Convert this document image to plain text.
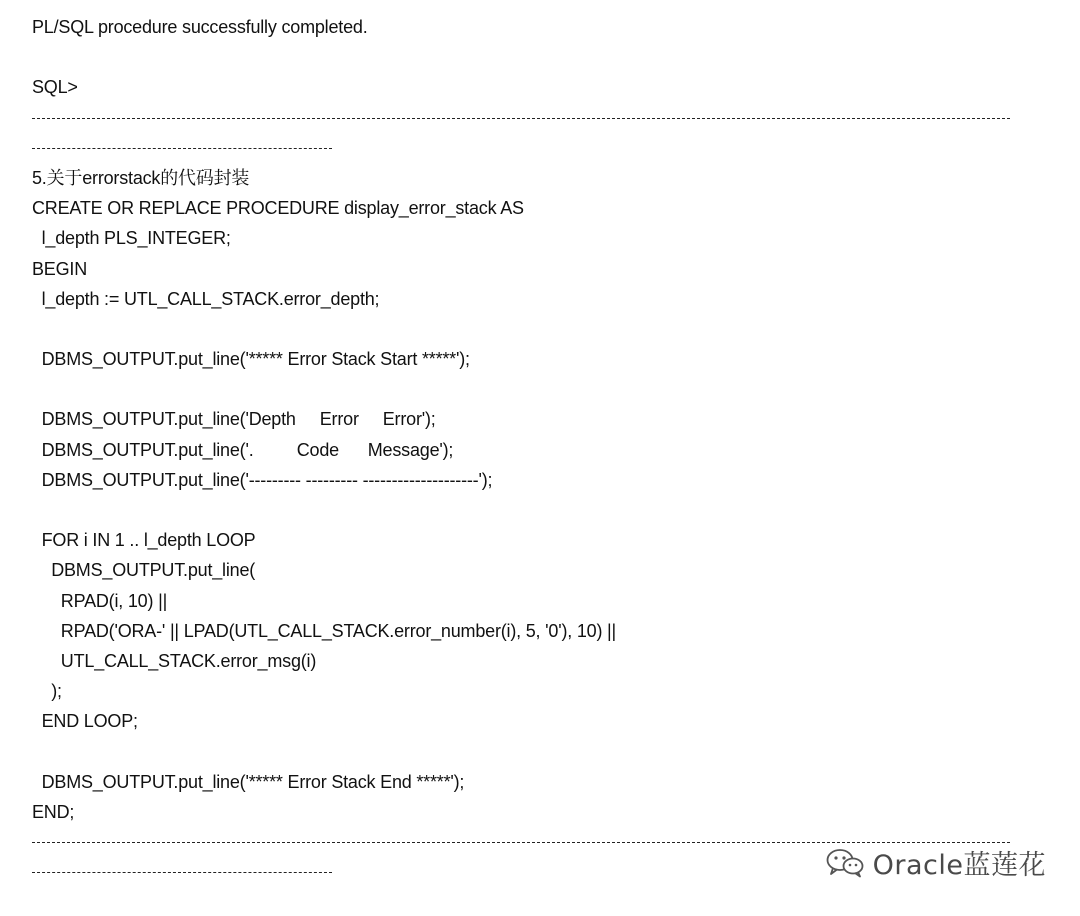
PL/SQL procedure successfully completed.
SQL>
5.关于errorstack的代码封装
CREATE OR REPLACE PROCEDURE display_error_stack AS
l_depth PLS_INTEGER;
BEGIN
l_depth := UTL_CALL_STACK.error_depth;
DBMS_OUTPUT.put_line('***** Error Stack Start *****');
DBMS_OUTPUT.put_line('Depth     Error     Error');
DBMS_OUTPUT.put_line('.         Code      Message');
DBMS_OUTPUT.put_line('--------- --------- --------------------');
FOR i IN 1 .. l_depth LOOP
DBMS_OUTPUT.put_line(
RPAD(i, 10) ||
RPAD('ORA-' || LPAD(UTL_CALL_STACK.error_number(i), 5, '0'), 10) ||
UTL_CALL_STACK.error_msg(i)
);
END LOOP;
DBMS_OUTPUT.put_line('***** Error Stack End *****');
END;
Oracle蓝莲花
